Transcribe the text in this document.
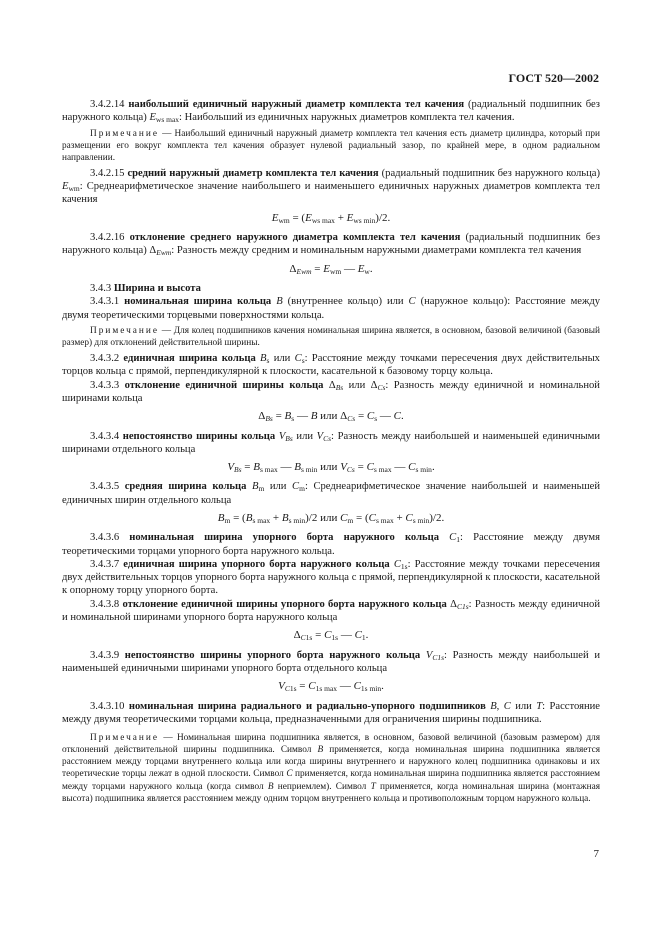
ГОСТ 520—2002

3.4.2.14 наибольший единичный наружный диаметр комплекта тел качения (радиальный подшипник без наружного кольца) $E_{ws max}$: Наибольший из единичных наружных диаметров комплекта тел качения.

Примечание — Наибольший единичный наружный диаметр комплекта тел качения есть диаметр цилиндра, который при размещении его вокруг комплекта тел качения образует нулевой радиальный зазор, по крайней мере, в одном радиальном направлении.

3.4.2.15 средний наружный диаметр комплекта тел качения (радиальный подшипник без наружного кольца) $E_{wm}$: Среднеарифметическое значение наибольшего и наименьшего единичных наружных диаметров комплекта тел качения

$E_{wm} = (E_{ws max} + E_{ws min})/2$.

3.4.2.16 отклонение среднего наружного диаметра комплекта тел качения (радиальный подшипник без наружного кольца) $\Delta_{Ewm}$: Разность между средним и номинальным наружными диаметрами комплекта тел качения

$\Delta_{Ewm} = E_{wm}$ — $E_w$.

3.4.3 Ширина и высота

3.4.3.1 номинальная ширина кольца B (внутреннее кольцо) или C (наружное кольцо): Расстояние между двумя теоретическими торцевыми поверхностями кольца.

Примечание — Для колец подшипников качения номинальная ширина является, в основном, базовой величиной (базовый размер) для отклонений действительной ширины.

3.4.3.2 единичная ширина кольца $B_s$ или $C_s$: Расстояние между точками пересечения двух действительных торцов кольца с прямой, перпендикулярной к плоскости, касательной к базовому торцу кольца.

3.4.3.3 отклонение единичной ширины кольца $\Delta_{Bs}$ или $\Delta_{Cs}$: Разность между единичной и номинальной ширинами кольца

$\Delta_{Bs} = B_s$ — B или $\Delta_{Cs} = C_s$ — C.

3.4.3.4 непостоянство ширины кольца $V_{Bs}$ или $V_{Cs}$: Разность между наибольшей и наименьшей единичными ширинами отдельного кольца

$V_{Bs} = B_{s max}$ — $B_{s min}$ или $V_{Cs} = C_{s max}$ — $C_{s min}$.

3.4.3.5 средняя ширина кольца $B_m$ или $C_m$: Среднеарифметическое значение наибольшей и наименьшей единичных ширин отдельного кольца

$B_m = (B_{s max} + B_{s min})/2$ или $C_m = (C_{s max} + C_{s min})/2$.

3.4.3.6 номинальная ширина упорного борта наружного кольца $C_1$: Расстояние между двумя теоретическими торцами упорного борта наружного кольца.

3.4.3.7 единичная ширина упорного борта наружного кольца $C_{1s}$: Расстояние между точками пересечения двух действительных торцов упорного борта наружного кольца с прямой, перпендикулярной к плоскости, касательной к опорному торцу упорного борта.

3.4.3.8 отклонение единичной ширины упорного борта наружного кольца $\Delta_{C1s}$: Разность между единичной и номинальной ширинами упорного борта наружного кольца

$\Delta_{C1s} = C_{1s}$ — $C_1$.

3.4.3.9 непостоянство ширины упорного борта наружного кольца $V_{C1s}$: Разность между наибольшей и наименьшей единичными ширинами упорного борта отдельного кольца

$V_{C1s} = C_{1s max}$ — $C_{1s min}$.

3.4.3.10 номинальная ширина радиального и радиально-упорного подшипников B, C или T: Расстояние между двумя теоретическими торцами кольца, предназначенными для ограничения ширины подшипника.

Примечание — Номинальная ширина подшипника является, в основном, базовой величиной (базовым размером) для отклонений действительной ширины подшипника. Символ B применяется, когда номинальная ширина подшипника является расстоянием между торцами внутреннего кольца или когда ширины внутреннего и наружного колец подшипника одинаковы и их теоретические торцы лежат в одной плоскости. Символ C применяется, когда номинальная ширина подшипника является расстоянием между торцами наружного кольца (когда символ B неприемлем). Символ T применяется, когда номинальная ширина (монтажная высота) подшипника является расстоянием между одним торцом внутреннего кольца и противоположным торцом наружного кольца.

7
